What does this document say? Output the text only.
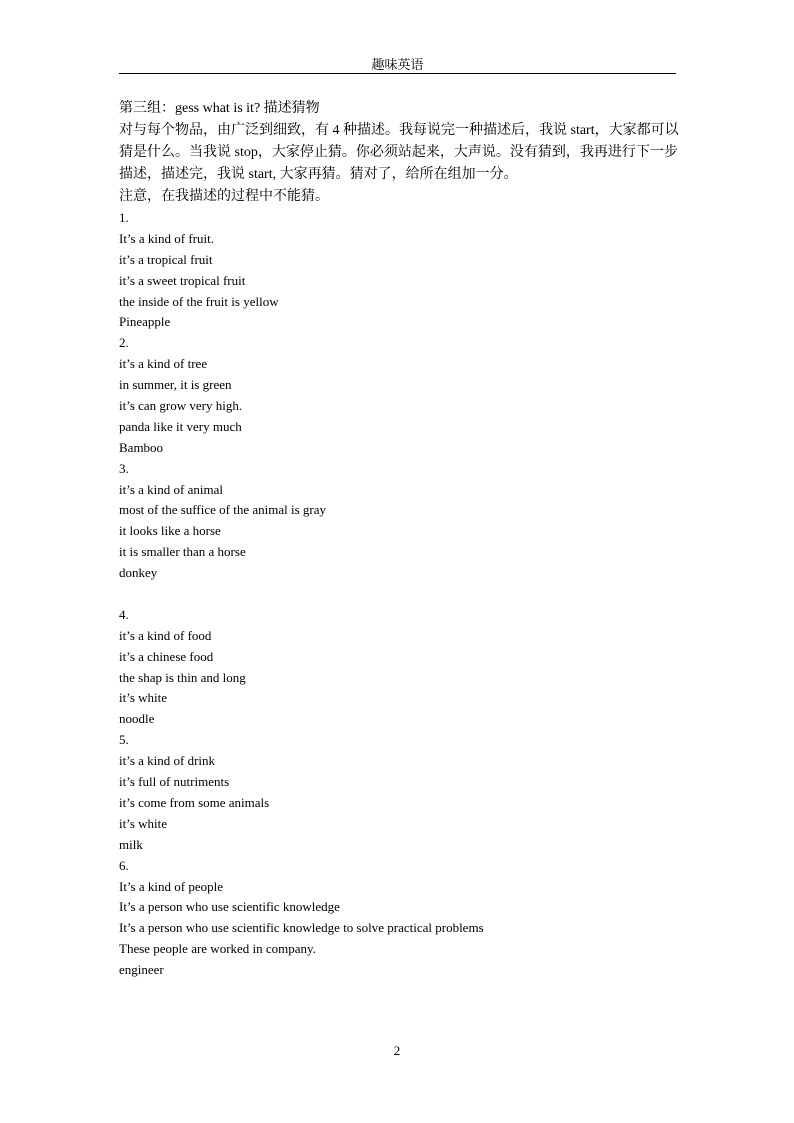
趣味英语
第三组：gess what is it? 描述猜物
对与每个物品，由广泛到细致，有 4 种描述。我每说完一种描述后，我说 start，大家都可以
猜是什么。当我说 stop，大家停止猜。你必须站起来，大声说。没有猜到，我再进行下一步
描述，描述完，我说 start, 大家再猜。猜对了，给所在组加一分。
注意，在我描述的过程中不能猜。
1.
It’s a kind of fruit.
it’s a tropical fruit
it’s a sweet tropical fruit
the inside of the fruit is yellow
Pineapple
2.
it’s a kind of tree
in summer, it is green
it’s can grow very high.
panda like it very much
Bamboo
3.
it’s a kind of animal
most of the suffice of the animal is gray
it looks like a horse
it is smaller than a horse
donkey
4.
it’s a kind of food
it’s a chinese food
the shap is thin and long
it’s white
noodle
5.
it’s a kind of drink
it’s full of nutriments
it’s come from some animals
it’s white
milk
6.
It’s a kind of people
It’s a person who use scientific knowledge
It’s a person who use scientific knowledge to solve practical problems
These people are worked in company.
engineer
2
